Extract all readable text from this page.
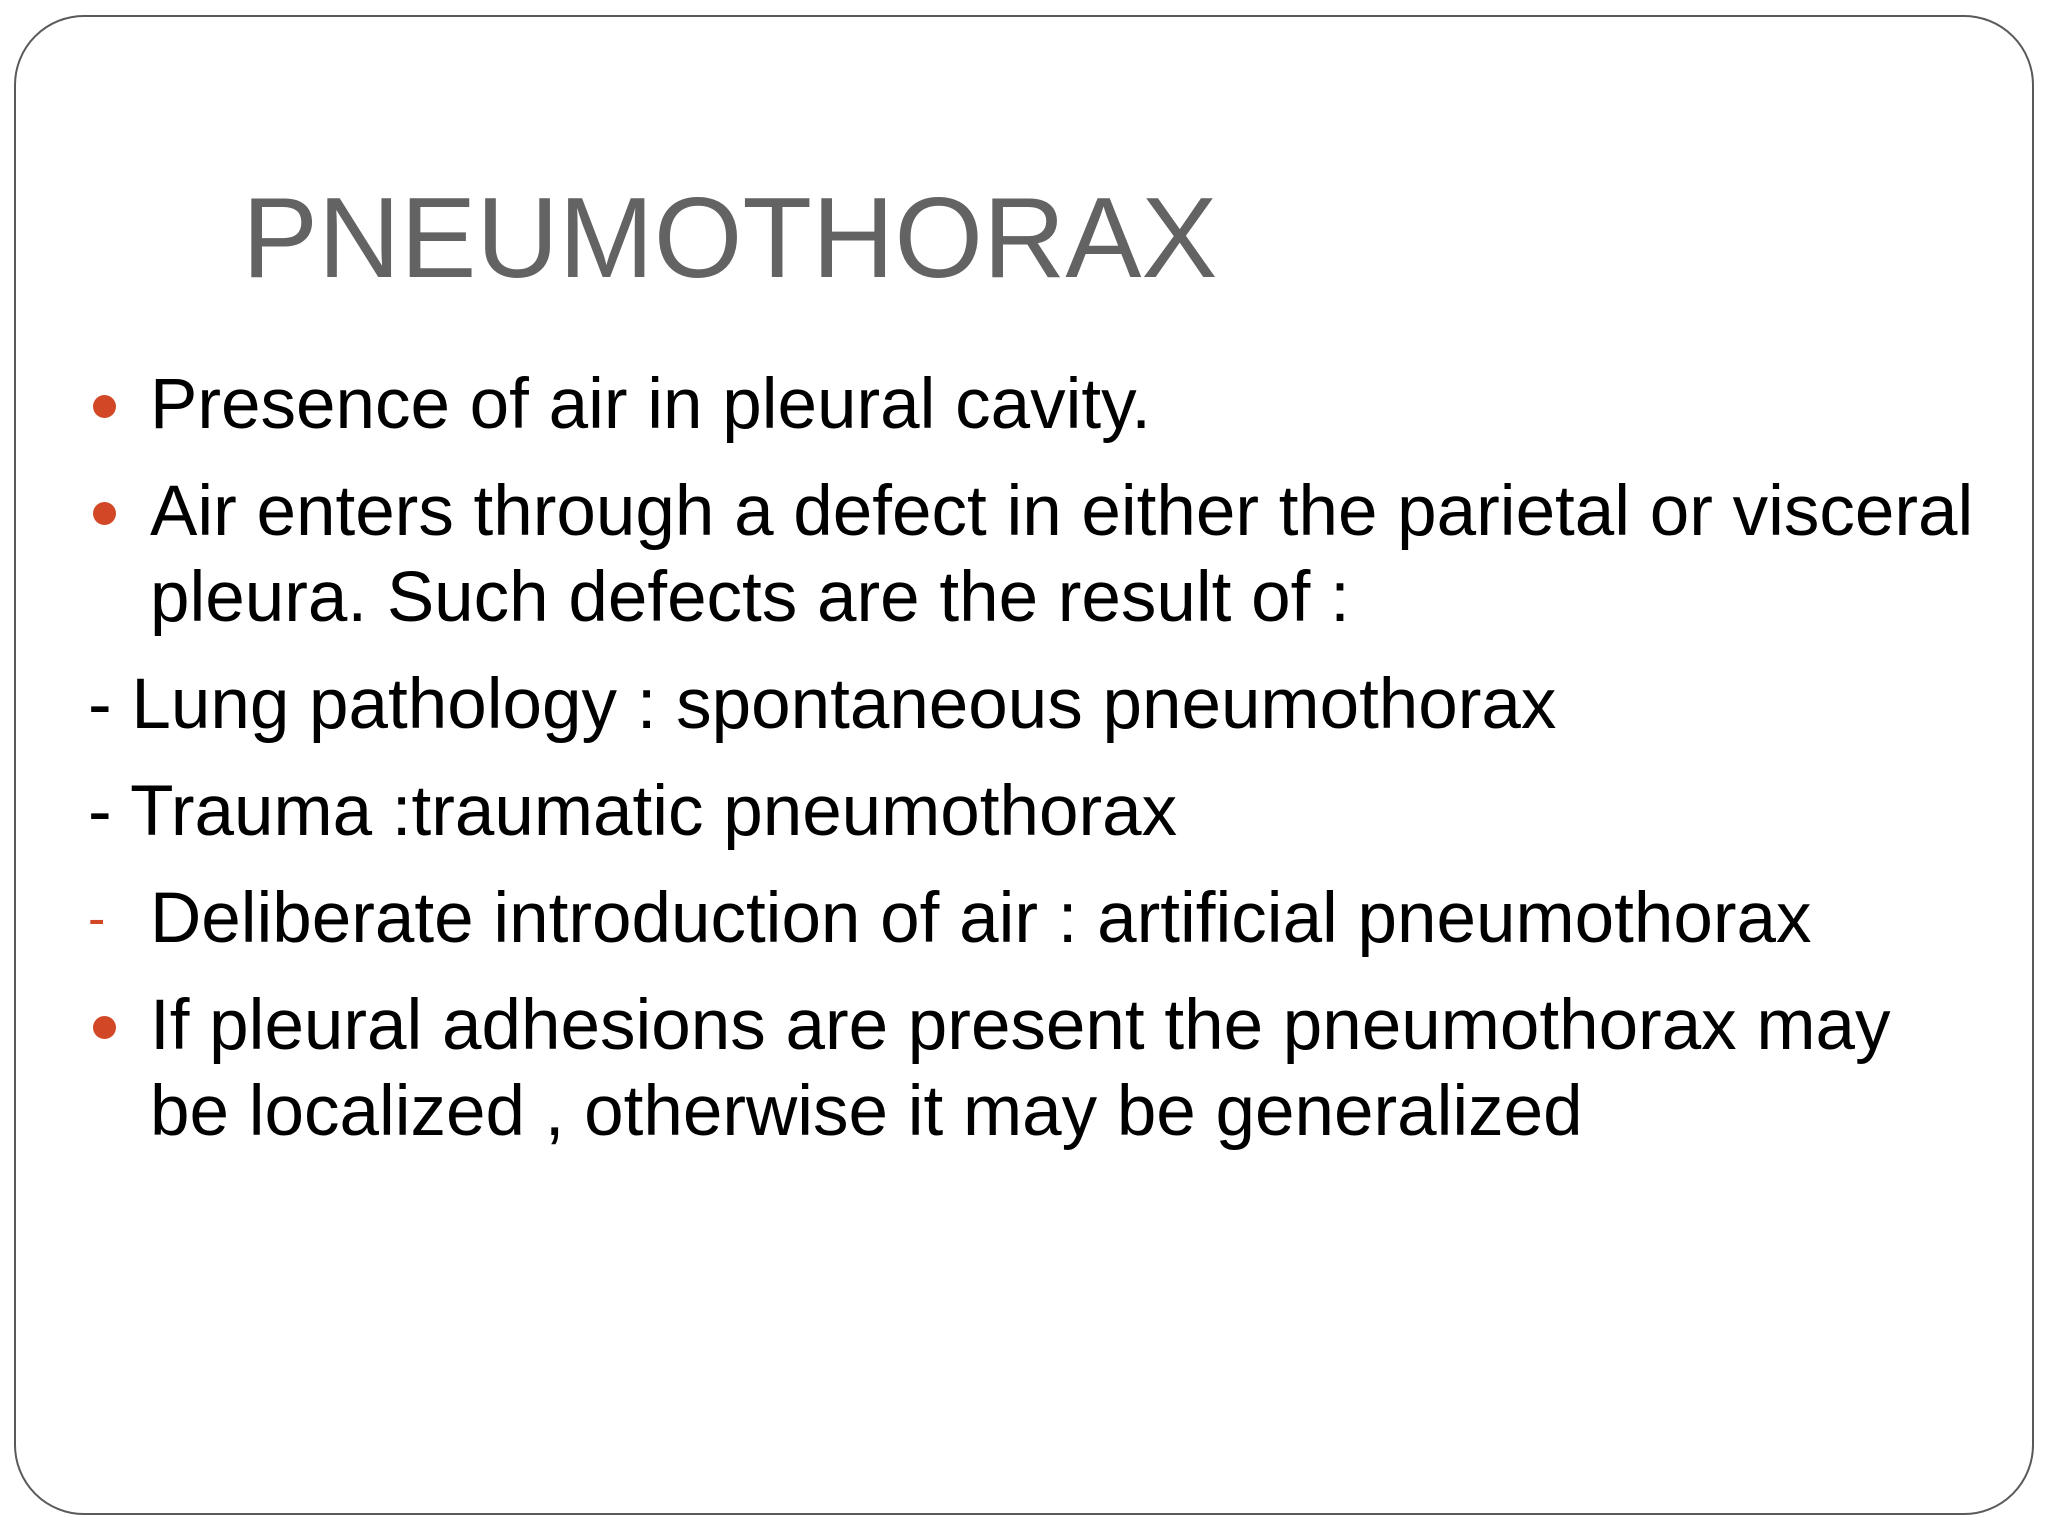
PNEUMOTHORAX
Presence of air in pleural cavity.
Air enters through a defect in either the parietal or visceral pleura. Such defects are the result of :
- Lung pathology : spontaneous pneumothorax
- Trauma :traumatic pneumothorax
- Deliberate introduction of air : artificial pneumothorax
If pleural adhesions are present the pneumothorax may be localized , otherwise it may be generalized
